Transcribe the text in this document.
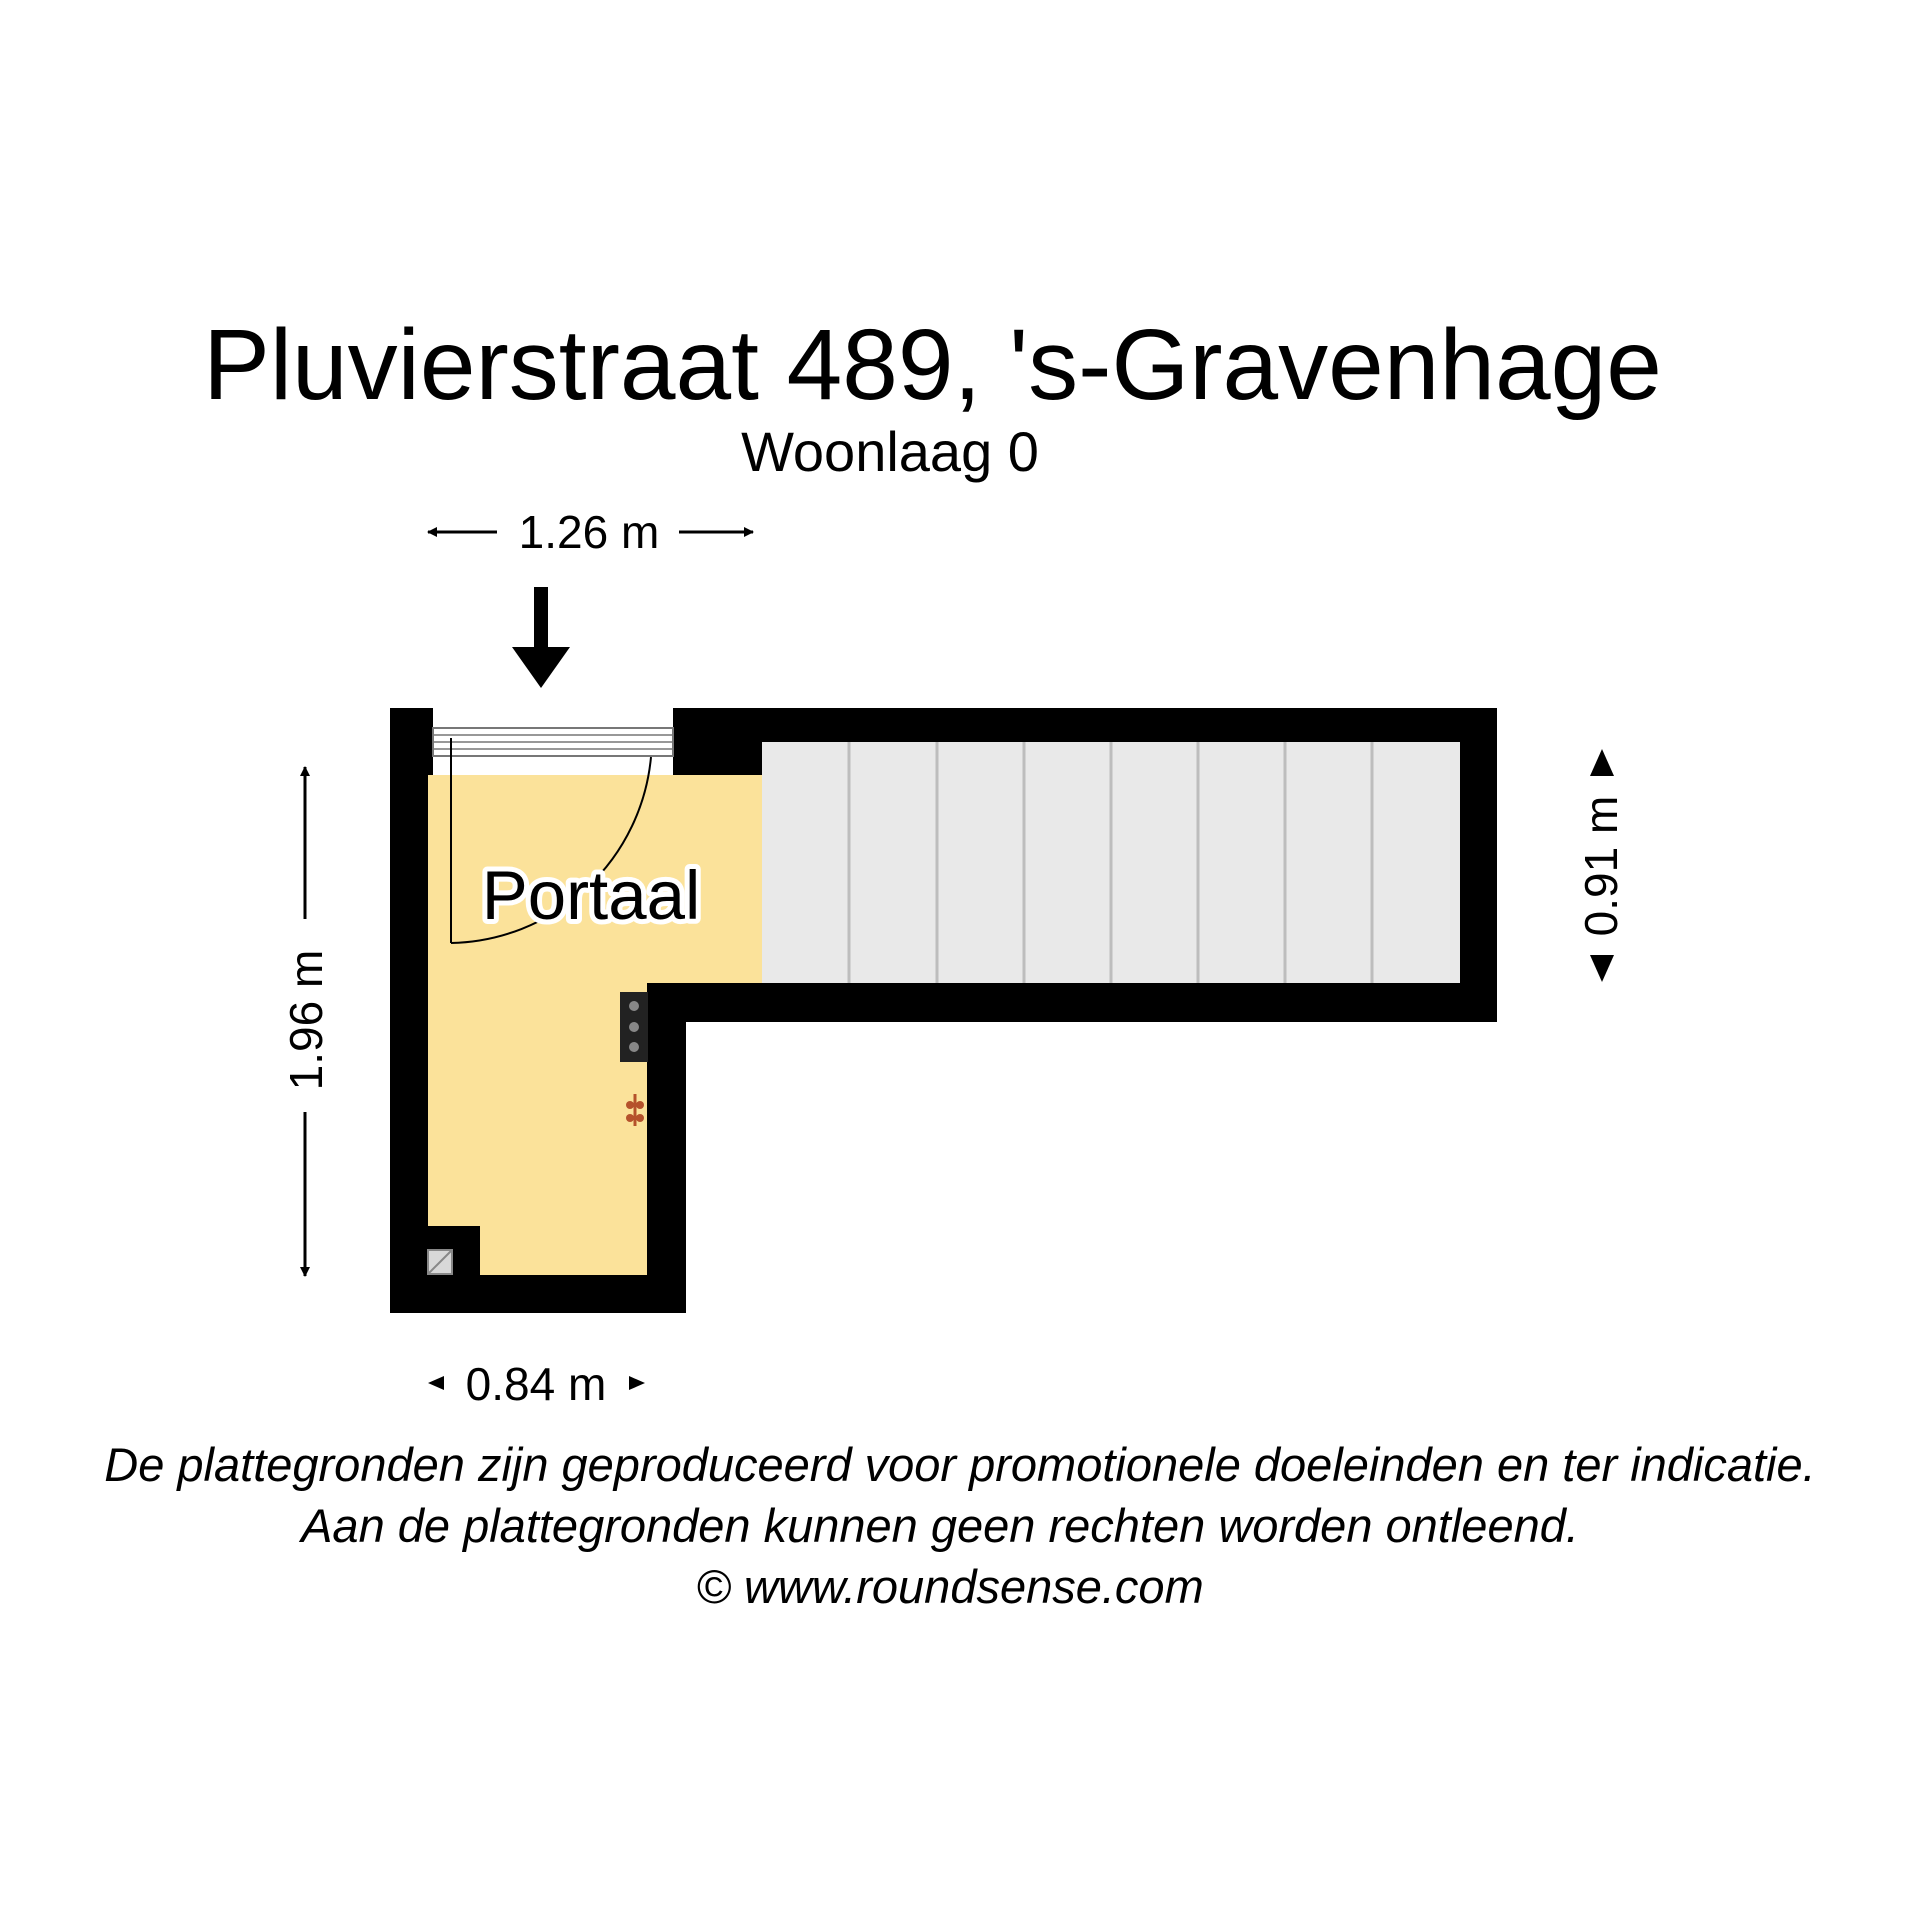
Pluvierstraat 489, 's-Gravenhage
Woonlaag 0
Portaal
1.26 m
1.96 m
0.91 m
0.84 m
De plattegronden zijn geproduceerd voor promotionele doeleinden en ter indicatie.
Aan de plattegronden kunnen geen rechten worden ontleend.
© www.roundsense.com
